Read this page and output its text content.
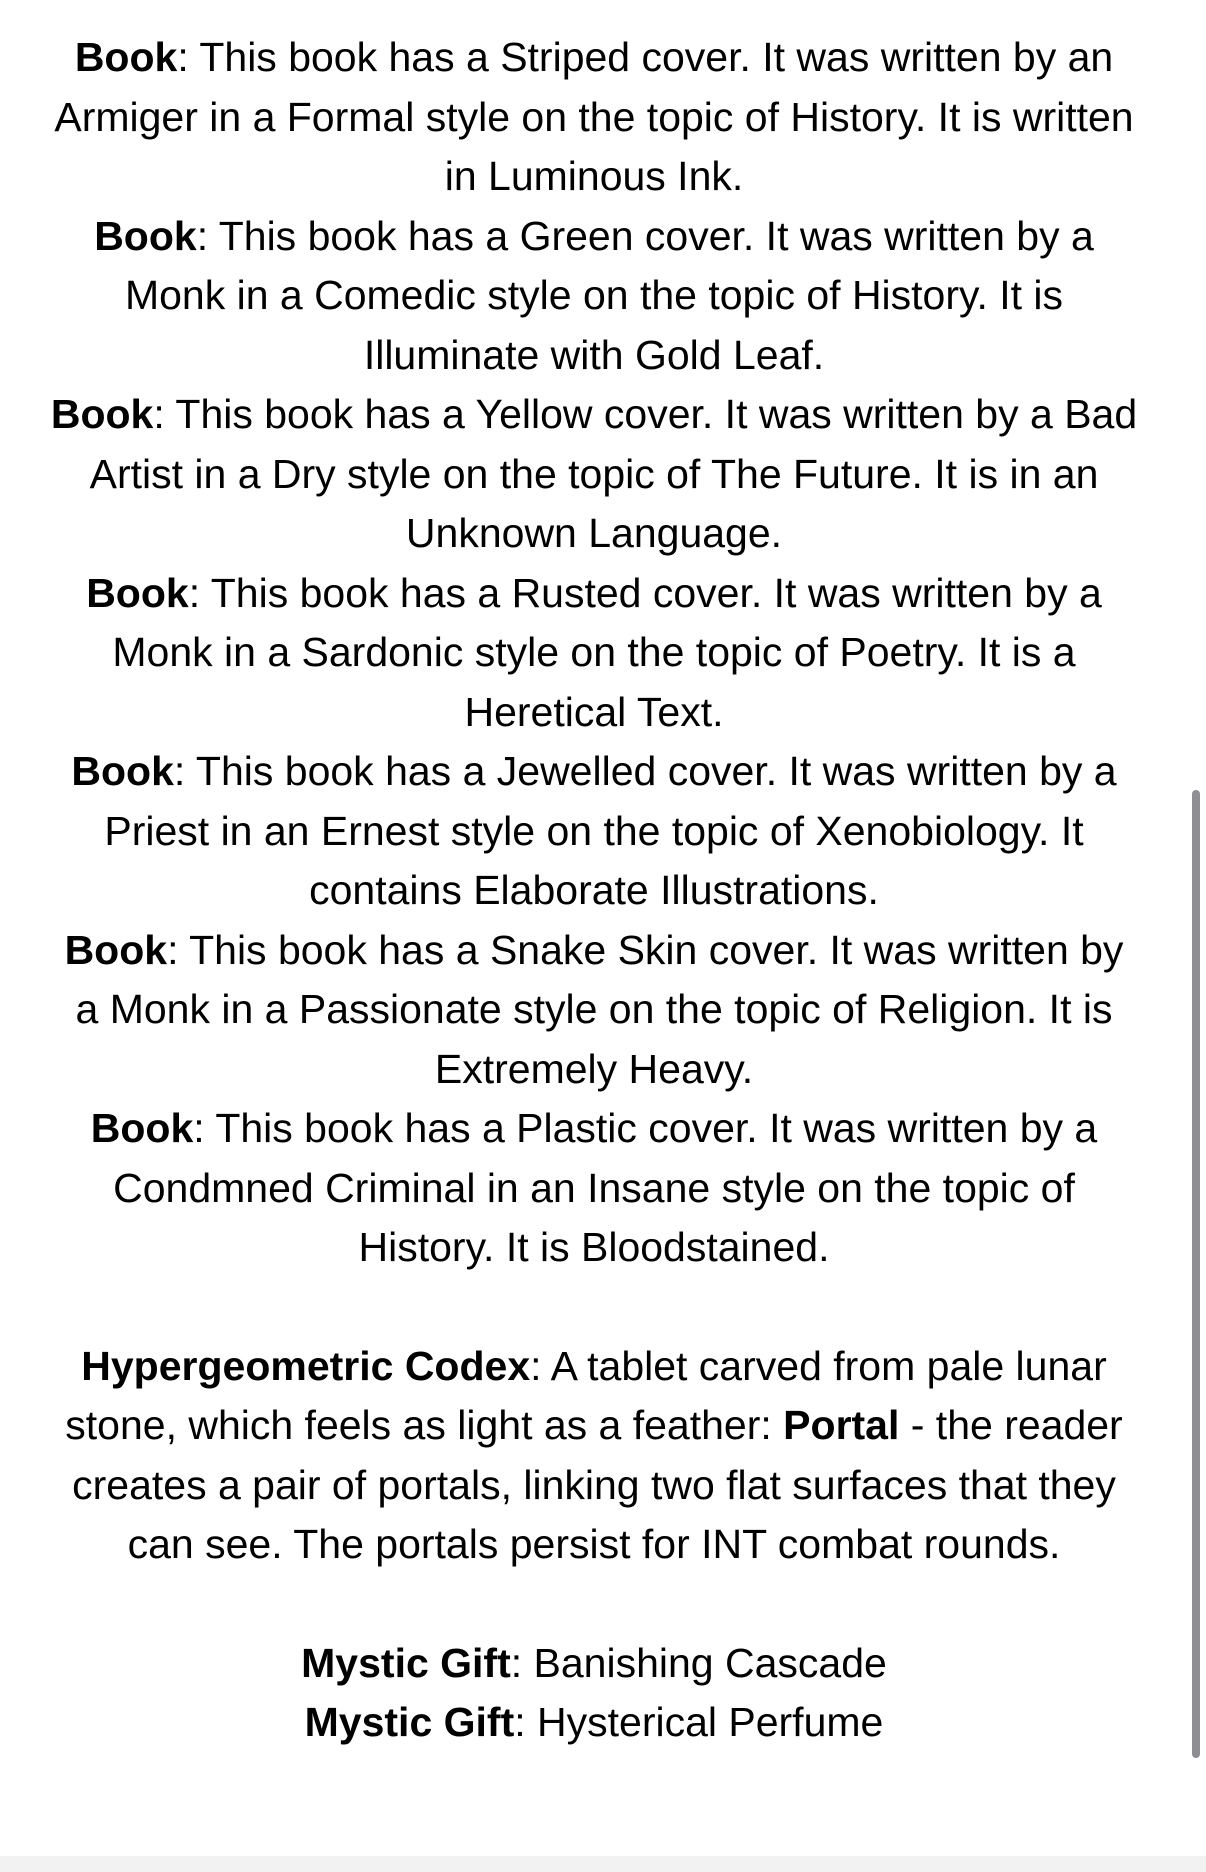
Book: This book has a Striped cover. It was written by an Armiger in a Formal style on the topic of History. It is written in Luminous Ink.
Book: This book has a Green cover. It was written by a Monk in a Comedic style on the topic of History. It is Illuminate with Gold Leaf.
Book: This book has a Yellow cover. It was written by a Bad Artist in a Dry style on the topic of The Future. It is in an Unknown Language.
Book: This book has a Rusted cover. It was written by a Monk in a Sardonic style on the topic of Poetry. It is a Heretical Text.
Book: This book has a Jewelled cover. It was written by a Priest in an Ernest style on the topic of Xenobiology. It contains Elaborate Illustrations.
Book: This book has a Snake Skin cover. It was written by a Monk in a Passionate style on the topic of Religion. It is Extremely Heavy.
Book: This book has a Plastic cover. It was written by a Condmned Criminal in an Insane style on the topic of History. It is Bloodstained.
Hypergeometric Codex: A tablet carved from pale lunar stone, which feels as light as a feather: Portal - the reader creates a pair of portals, linking two flat surfaces that they can see. The portals persist for INT combat rounds.
Mystic Gift: Banishing Cascade
Mystic Gift: Hysterical Perfume
